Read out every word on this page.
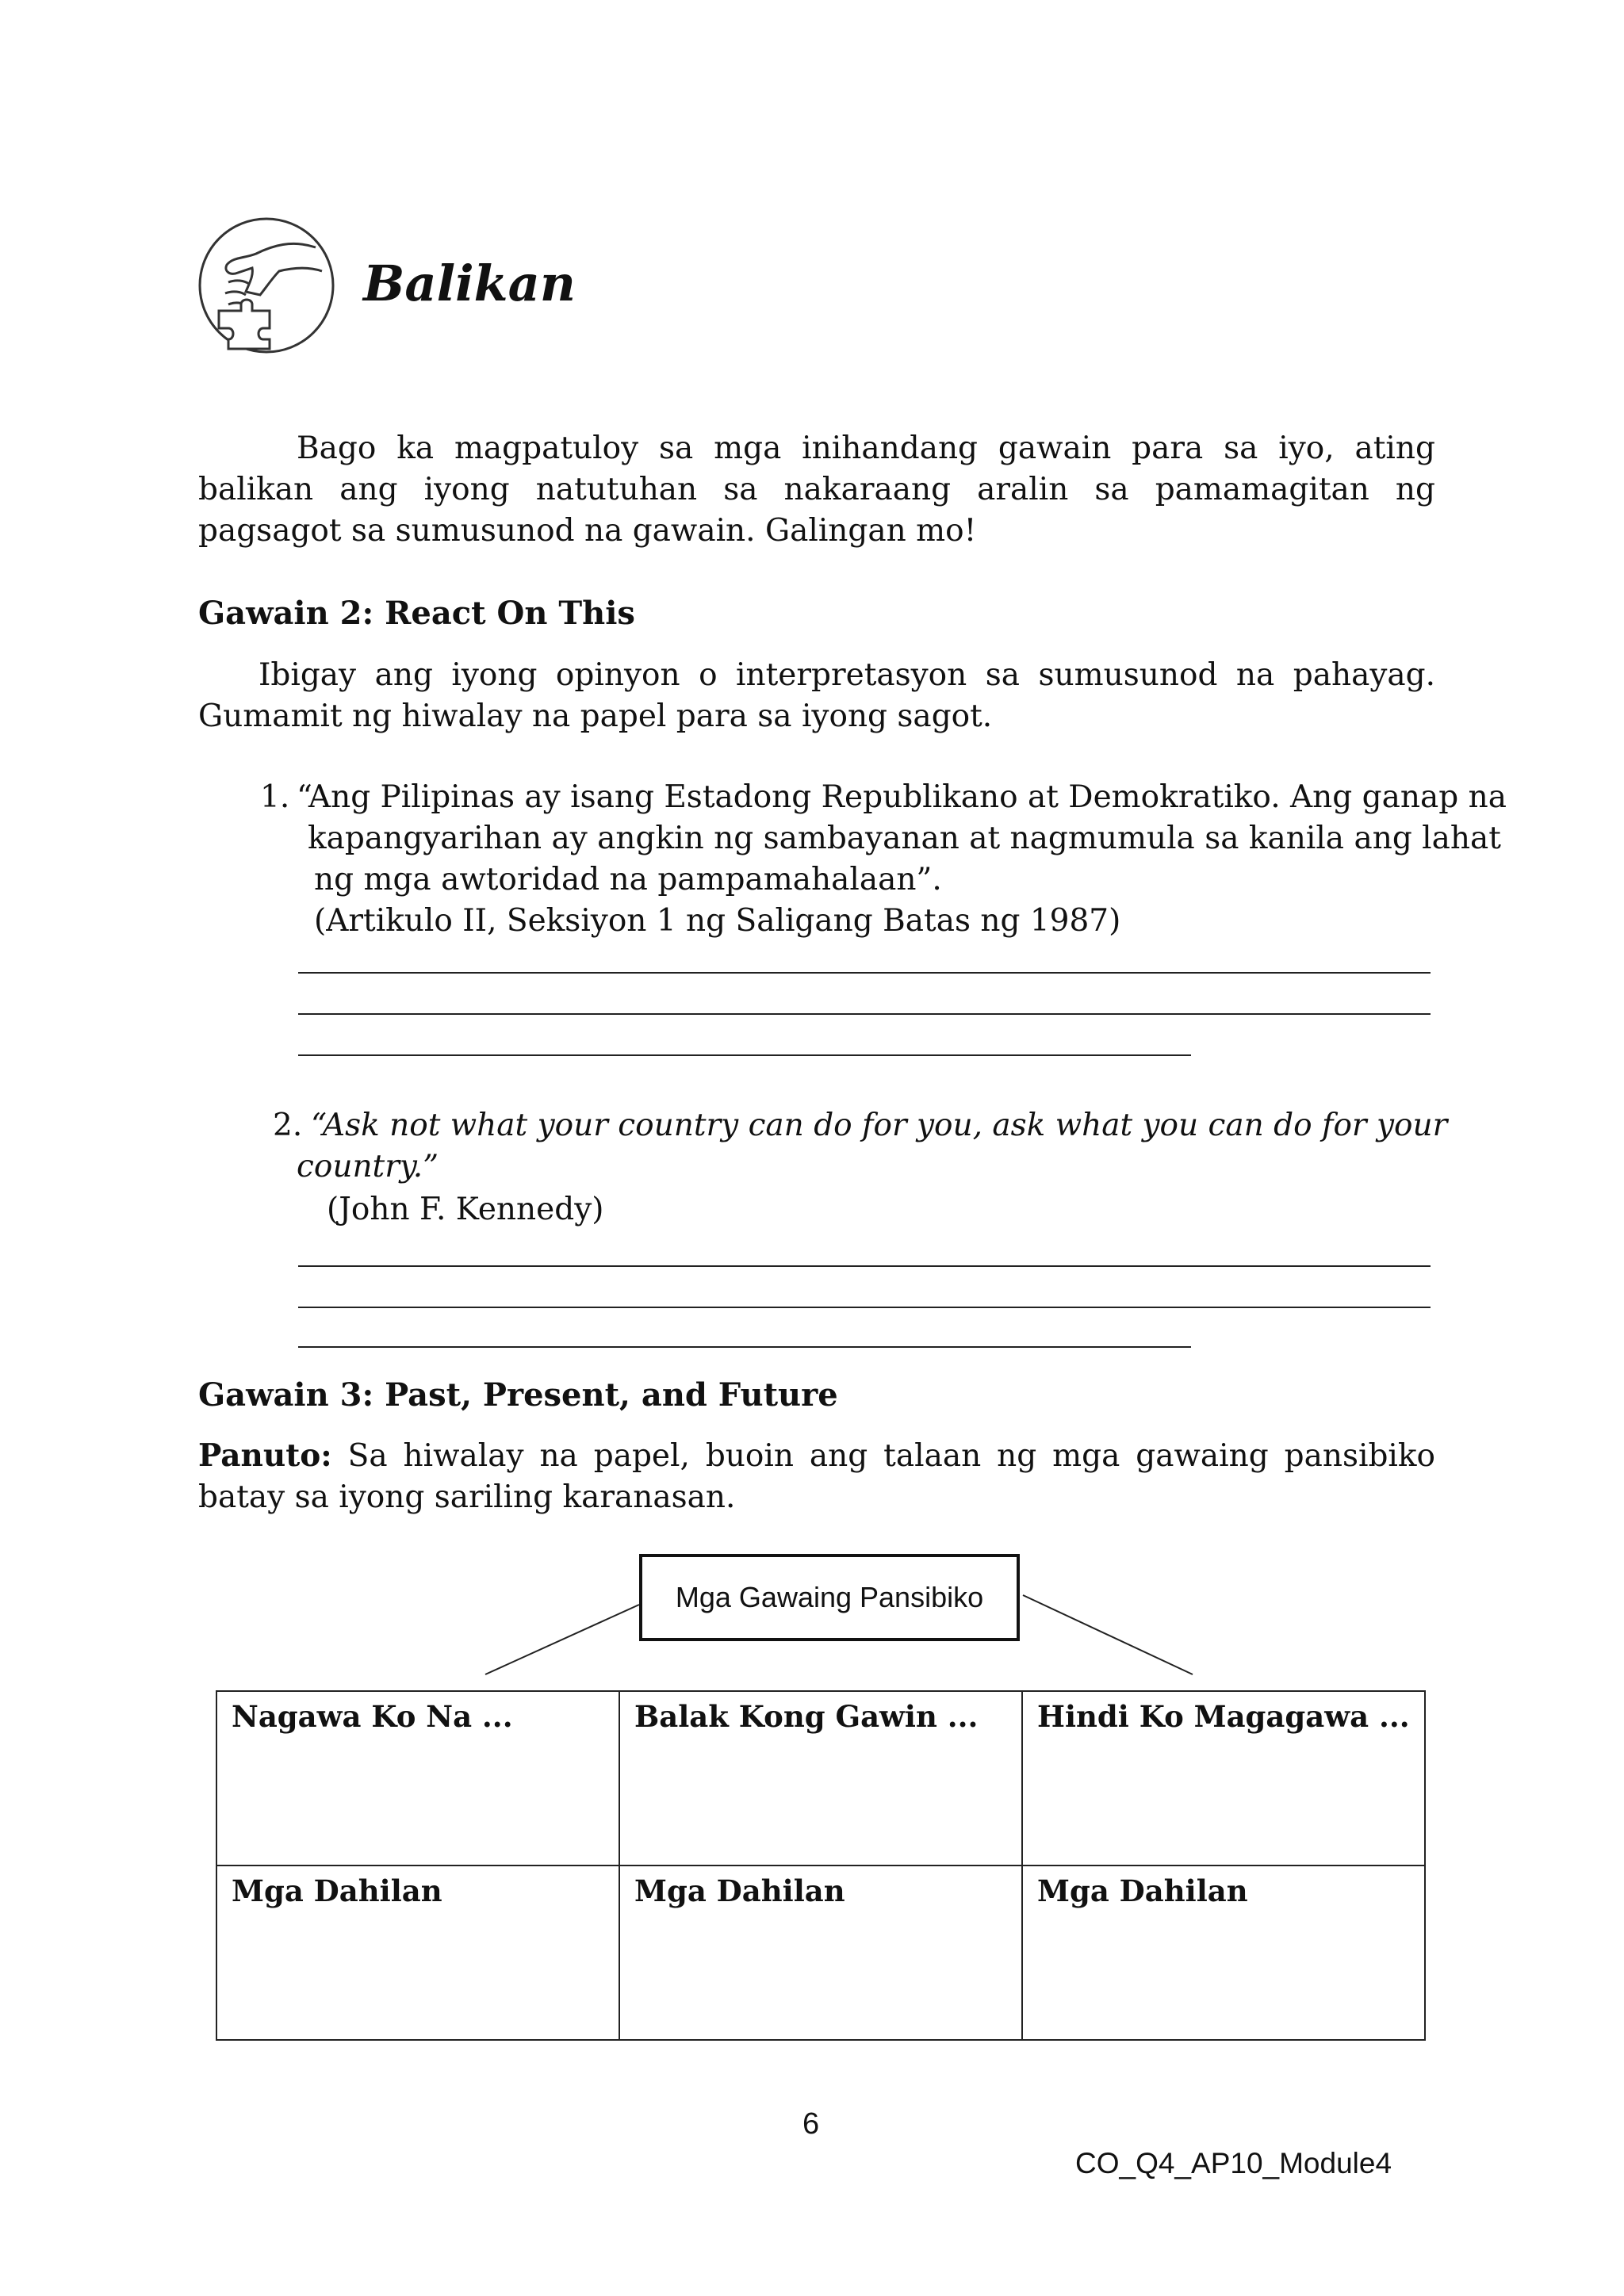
Balikan
Bago ka magpatuloy sa mga inihandang gawain para sa iyo, ating balikan ang iyong natutuhan sa nakaraang aralin sa pamamagitan ng pagsagot sa sumusunod na gawain. Galingan mo!
Gawain 2: React On This
Ibigay ang iyong opinyon o interpretasyon sa sumusunod na pahayag. Gumamit ng hiwalay na papel para sa iyong sagot.
1. “Ang Pilipinas ay isang Estadong Republikano at Demokratiko. Ang ganap na
kapangyarihan ay angkin ng sambayanan at nagmumula sa kanila ang lahat
ng mga awtoridad na pampamahalaan”.
(Artikulo II, Seksiyon 1 ng Saligang Batas ng 1987)
2. “Ask not what your country can do for you, ask what you can do for your
country.”
(John F. Kennedy)
Gawain 3: Past, Present, and Future
Panuto: Sa hiwalay na papel, buoin ang talaan ng mga gawaing pansibiko batay sa iyong sariling karanasan.
Mga Gawaing Pansibiko
Nagawa Ko Na ...	Balak Kong Gawin ...	Hindi Ko Magagawa ...
Mga Dahilan	Mga Dahilan	Mga Dahilan
6
CO_Q4_AP10_Module4
